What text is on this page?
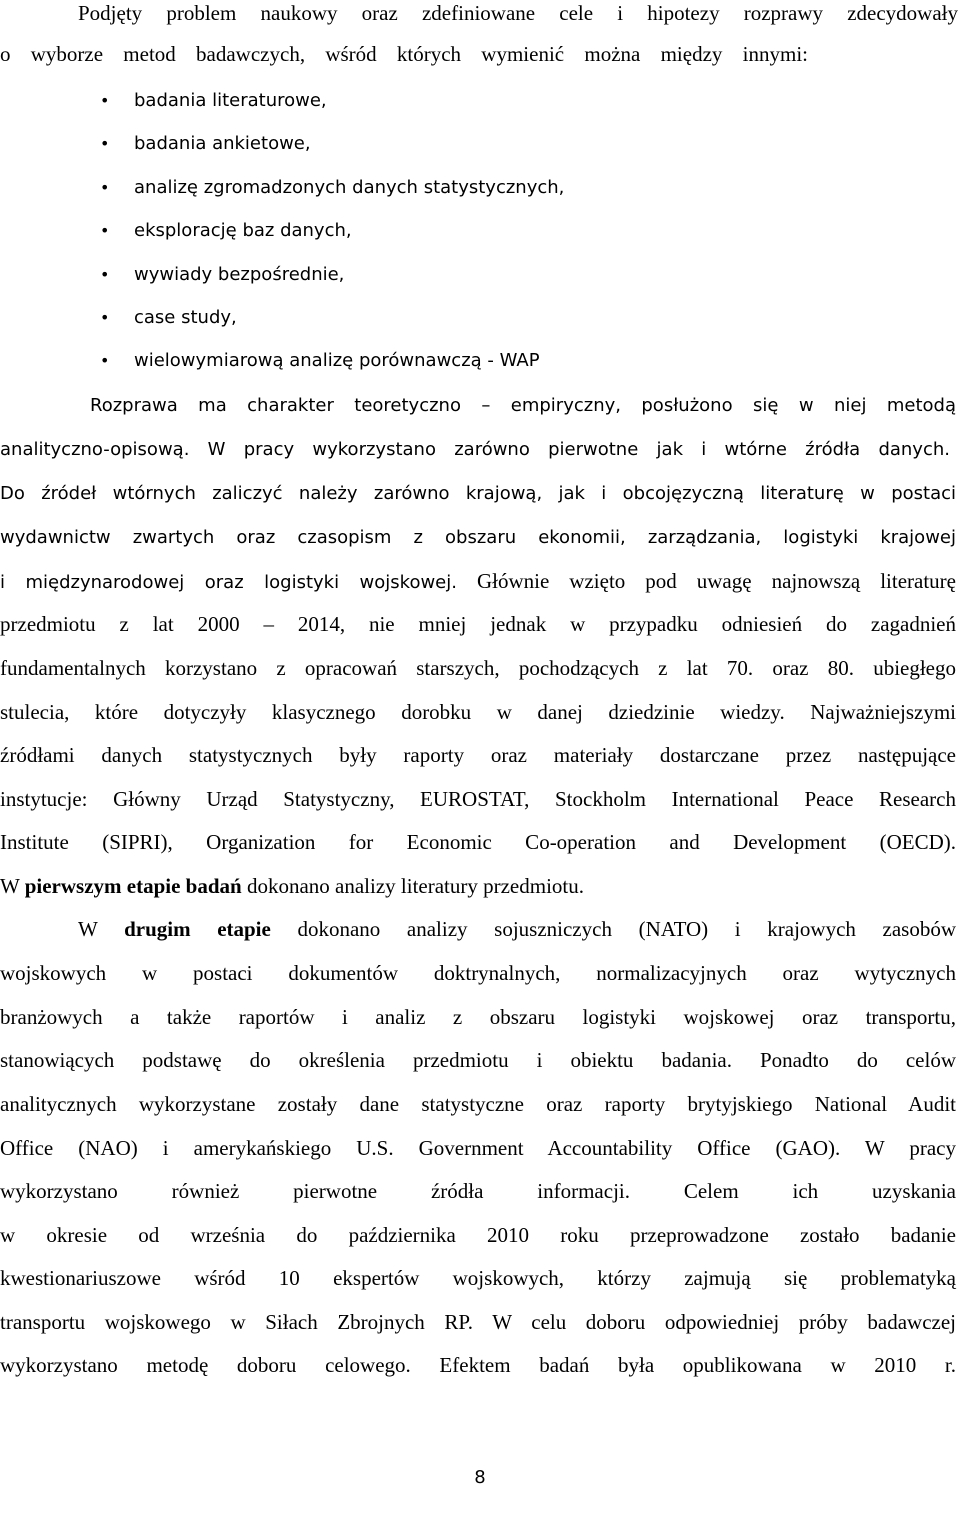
Podjęty problem naukowy oraz zdefiniowane cele i hipotezy rozprawy zdecydowały
o wyborze metod badawczych, wśród których wymienić można między innymi:
• badania literaturowe,
• badania ankietowe,
• analizę zgromadzonych danych statystycznych,
• eksplorację baz danych,
• wywiady bezpośrednie,
• case study,
• wielowymiarową analizę porównawczą - WAP
Rozprawa ma charakter teoretyczno – empiryczny, posłużono się w niej metodą
analityczno-opisową. W pracy wykorzystano zarówno pierwotne jak i wtórne źródła danych.
Do źródeł wtórnych zaliczyć należy zarówno krajową, jak i obcojęzyczną literaturę w postaci
wydawnictw zwartych oraz czasopism z obszaru ekonomii, zarządzania, logistyki krajowej
i międzynarodowej oraz logistyki wojskowej. Głównie wzięto pod uwagę najnowszą literaturę
przedmiotu z lat 2000 – 2014, nie mniej jednak w przypadku odniesień do zagadnień
fundamentalnych korzystano z opracowań starszych, pochodzących z lat 70. oraz 80. ubiegłego
stulecia, które dotyczyły klasycznego dorobku w danej dziedzinie wiedzy. Najważniejszymi
źródłami danych statystycznych były raporty oraz materiały dostarczane przez następujące
instytucje: Główny Urząd Statystyczny, EUROSTAT, Stockholm International Peace Research
Institute (SIPRI), Organization for Economic Co-operation and Development (OECD).
W pierwszym etapie badań dokonano analizy literatury przedmiotu.
W drugim etapie dokonano analizy sojuszniczych (NATO) i krajowych zasobów
wojskowych w postaci dokumentów doktrynalnych, normalizacyjnych oraz wytycznych
branżowych a także raportów i analiz z obszaru logistyki wojskowej oraz transportu,
stanowiących podstawę do określenia przedmiotu i obiektu badania. Ponadto do celów
analitycznych wykorzystane zostały dane statystyczne oraz raporty brytyjskiego National Audit
Office (NAO) i amerykańskiego U.S. Government Accountability Office (GAO). W pracy
wykorzystano również pierwotne źródła informacji. Celem ich uzyskania
w okresie od września do października 2010 roku przeprowadzone zostało badanie
kwestionariuszowe wśród 10 ekspertów wojskowych, którzy zajmują się problematyką
transportu wojskowego w Siłach Zbrojnych RP. W celu doboru odpowiedniej próby badawczej
wykorzystano metodę doboru celowego. Efektem badań była opublikowana w 2010 r.
8
